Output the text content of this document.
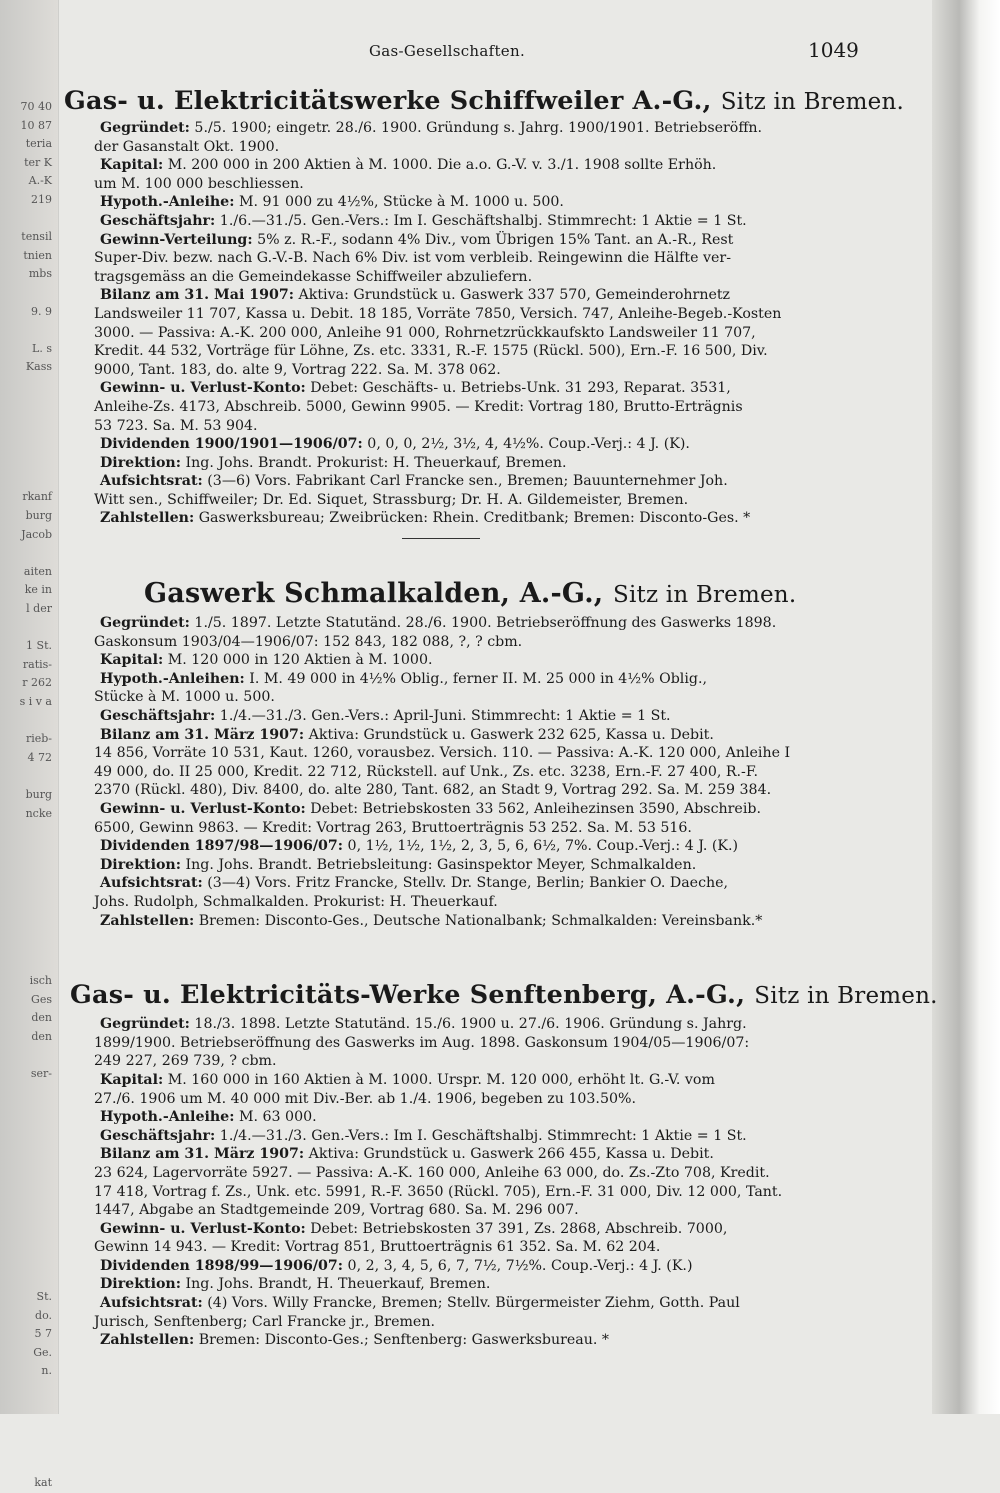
70 40
10 87
teria
ter K
A.-K
219
tensil
tnien
mbs
9. 9
L. s
Kass
rkanf
burg
Jacob
aiten
ke in
l der
1 St.
ratis-
r 262
s i v a
rieb-
4 72
burg
ncke
isch
Ges
den
den
ser-
St.
do.
5 7
Ge.
n.
kat
Gas-Gesellschaften.	1049
Gas- u. Elektricitätswerke Schiffweiler A.-G., Sitz in Bremen.
Gegründet: 5./5. 1900; eingetr. 28./6. 1900. Gründung s. Jahrg. 1900/1901. Betriebseröffn.
der Gasanstalt Okt. 1900.
Kapital: M. 200 000 in 200 Aktien à M. 1000. Die a.o. G.-V. v. 3./1. 1908 sollte Erhöh.
um M. 100 000 beschliessen.
Hypoth.-Anleihe: M. 91 000 zu 4½%, Stücke à M. 1000 u. 500.
Geschäftsjahr: 1./6.—31./5. Gen.-Vers.: Im I. Geschäftshalbj. Stimmrecht: 1 Aktie = 1 St.
Gewinn-Verteilung: 5% z. R.-F., sodann 4% Div., vom Übrigen 15% Tant. an A.-R., Rest
Super-Div. bezw. nach G.-V.-B. Nach 6% Div. ist vom verbleib. Reingewinn die Hälfte ver-
tragsgemäss an die Gemeindekasse Schiffweiler abzuliefern.
Bilanz am 31. Mai 1907: Aktiva: Grundstück u. Gaswerk 337 570, Gemeinderohrnetz
Landsweiler 11 707, Kassa u. Debit. 18 185, Vorräte 7850, Versich. 747, Anleihe-Begeb.-Kosten
3000. — Passiva: A.-K. 200 000, Anleihe 91 000, Rohrnetzrückkaufskto Landsweiler 11 707,
Kredit. 44 532, Vorträge für Löhne, Zs. etc. 3331, R.-F. 1575 (Rückl. 500), Ern.-F. 16 500, Div.
9000, Tant. 183, do. alte 9, Vortrag 222. Sa. M. 378 062.
Gewinn- u. Verlust-Konto: Debet: Geschäfts- u. Betriebs-Unk. 31 293, Reparat. 3531,
Anleihe-Zs. 4173, Abschreib. 5000, Gewinn 9905. — Kredit: Vortrag 180, Brutto-Erträgnis
53 723. Sa. M. 53 904.
Dividenden 1900/1901—1906/07: 0, 0, 0, 2½, 3½, 4, 4½%. Coup.-Verj.: 4 J. (K).
Direktion: Ing. Johs. Brandt. Prokurist: H. Theuerkauf, Bremen.
Aufsichtsrat: (3—6) Vors. Fabrikant Carl Francke sen., Bremen; Bauunternehmer Joh.
Witt sen., Schiffweiler; Dr. Ed. Siquet, Strassburg; Dr. H. A. Gildemeister, Bremen.
Zahlstellen: Gaswerksbureau; Zweibrücken: Rhein. Creditbank; Bremen: Disconto-Ges. *
Gaswerk Schmalkalden, A.-G., Sitz in Bremen.
Gegründet: 1./5. 1897. Letzte Statutänd. 28./6. 1900. Betriebseröffnung des Gaswerks 1898.
Gaskonsum 1903/04—1906/07: 152 843, 182 088, ?, ? cbm.
Kapital: M. 120 000 in 120 Aktien à M. 1000.
Hypoth.-Anleihen: I. M. 49 000 in 4½% Oblig., ferner II. M. 25 000 in 4½% Oblig.,
Stücke à M. 1000 u. 500.
Geschäftsjahr: 1./4.—31./3. Gen.-Vers.: April-Juni. Stimmrecht: 1 Aktie = 1 St.
Bilanz am 31. März 1907: Aktiva: Grundstück u. Gaswerk 232 625, Kassa u. Debit.
14 856, Vorräte 10 531, Kaut. 1260, vorausbez. Versich. 110. — Passiva: A.-K. 120 000, Anleihe I
49 000, do. II 25 000, Kredit. 22 712, Rückstell. auf Unk., Zs. etc. 3238, Ern.-F. 27 400, R.-F.
2370 (Rückl. 480), Div. 8400, do. alte 280, Tant. 682, an Stadt 9, Vortrag 292. Sa. M. 259 384.
Gewinn- u. Verlust-Konto: Debet: Betriebskosten 33 562, Anleihezinsen 3590, Abschreib.
6500, Gewinn 9863. — Kredit: Vortrag 263, Bruttoerträgnis 53 252. Sa. M. 53 516.
Dividenden 1897/98—1906/07: 0, 1½, 1½, 1½, 2, 3, 5, 6, 6½, 7%. Coup.-Verj.: 4 J. (K.)
Direktion: Ing. Johs. Brandt. Betriebsleitung: Gasinspektor Meyer, Schmalkalden.
Aufsichtsrat: (3—4) Vors. Fritz Francke, Stellv. Dr. Stange, Berlin; Bankier O. Daeche,
Johs. Rudolph, Schmalkalden. Prokurist: H. Theuerkauf.
Zahlstellen: Bremen: Disconto-Ges., Deutsche Nationalbank; Schmalkalden: Vereinsbank.*
Gas- u. Elektricitäts-Werke Senftenberg, A.-G., Sitz in Bremen.
Gegründet: 18./3. 1898. Letzte Statutänd. 15./6. 1900 u. 27./6. 1906. Gründung s. Jahrg.
1899/1900. Betriebseröffnung des Gaswerks im Aug. 1898. Gaskonsum 1904/05—1906/07:
249 227, 269 739, ? cbm.
Kapital: M. 160 000 in 160 Aktien à M. 1000. Urspr. M. 120 000, erhöht lt. G.-V. vom
27./6. 1906 um M. 40 000 mit Div.-Ber. ab 1./4. 1906, begeben zu 103.50%.
Hypoth.-Anleihe: M. 63 000.
Geschäftsjahr: 1./4.—31./3. Gen.-Vers.: Im I. Geschäftshalbj. Stimmrecht: 1 Aktie = 1 St.
Bilanz am 31. März 1907: Aktiva: Grundstück u. Gaswerk 266 455, Kassa u. Debit.
23 624, Lagervorräte 5927. — Passiva: A.-K. 160 000, Anleihe 63 000, do. Zs.-Zto 708, Kredit.
17 418, Vortrag f. Zs., Unk. etc. 5991, R.-F. 3650 (Rückl. 705), Ern.-F. 31 000, Div. 12 000, Tant.
1447, Abgabe an Stadtgemeinde 209, Vortrag 680. Sa. M. 296 007.
Gewinn- u. Verlust-Konto: Debet: Betriebskosten 37 391, Zs. 2868, Abschreib. 7000,
Gewinn 14 943. — Kredit: Vortrag 851, Bruttoerträgnis 61 352. Sa. M. 62 204.
Dividenden 1898/99—1906/07: 0, 2, 3, 4, 5, 6, 7, 7½, 7½%. Coup.-Verj.: 4 J. (K.)
Direktion: Ing. Johs. Brandt, H. Theuerkauf, Bremen.
Aufsichtsrat: (4) Vors. Willy Francke, Bremen; Stellv. Bürgermeister Ziehm, Gotth. Paul
Jurisch, Senftenberg; Carl Francke jr., Bremen.
Zahlstellen: Bremen: Disconto-Ges.; Senftenberg: Gaswerksbureau. *
